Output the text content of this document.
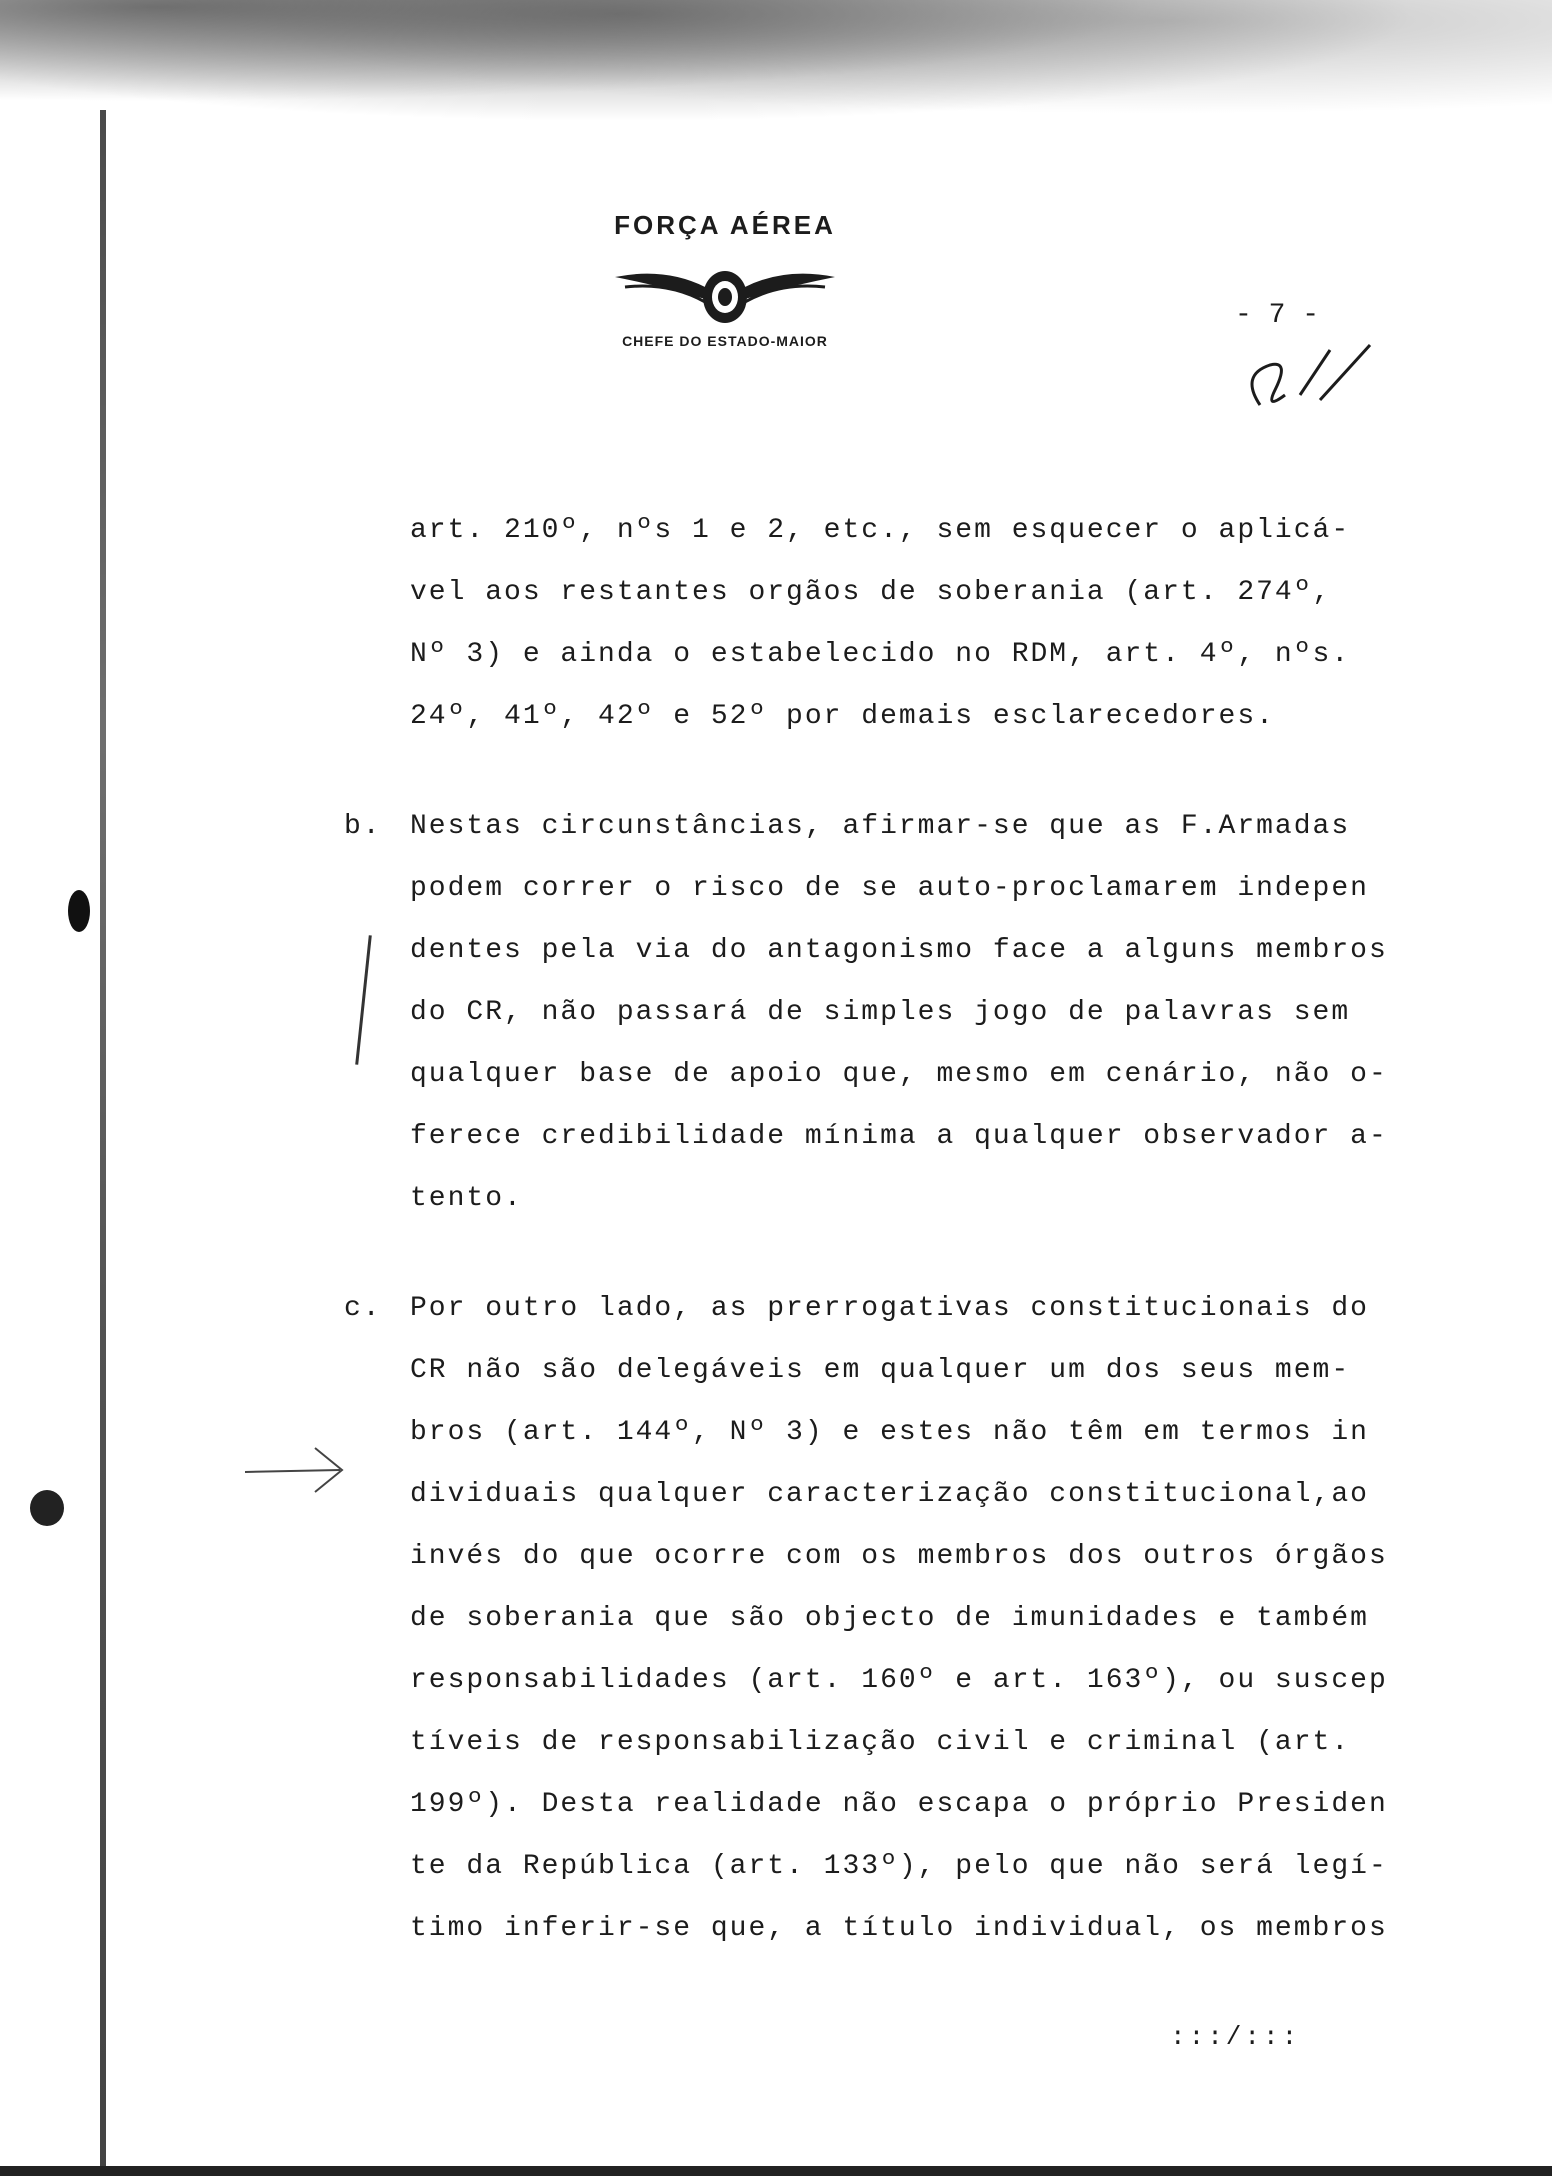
FORÇA AÉREA
CHEFE DO ESTADO-MAIOR
- 7 -
art. 210º, nºs 1 e 2, etc., sem esquecer o aplicá-
vel aos restantes orgãos de soberania (art. 274º,
Nº 3) e ainda o estabelecido no RDM, art. 4º, nºs.
24º, 41º, 42º e 52º por demais esclarecedores.
b. Nestas circunstâncias, afirmar-se que as F.Armadas
podem correr o risco de se auto-proclamarem indepen
dentes pela via do antagonismo face a alguns membros
do CR, não passará de simples jogo de palavras sem
qualquer base de apoio que, mesmo em cenário, não o-
ferece credibilidade mínima a qualquer observador a-
tento.
c. Por outro lado, as prerrogativas constitucionais do
CR não são delegáveis em qualquer um dos seus mem-
bros (art. 144º, Nº 3) e estes não têm em termos in
dividuais qualquer caracterização constitucional,ao
invés do que ocorre com os membros dos outros órgãos
de soberania que são objecto de imunidades e também
responsabilidades (art. 160º e art. 163º), ou suscep
tíveis de responsabilização civil e criminal (art.
199º). Desta realidade não escapa o próprio Presiden
te da República (art. 133º), pelo que não será legí-
timo inferir-se que, a título individual, os membros
:::/:::
